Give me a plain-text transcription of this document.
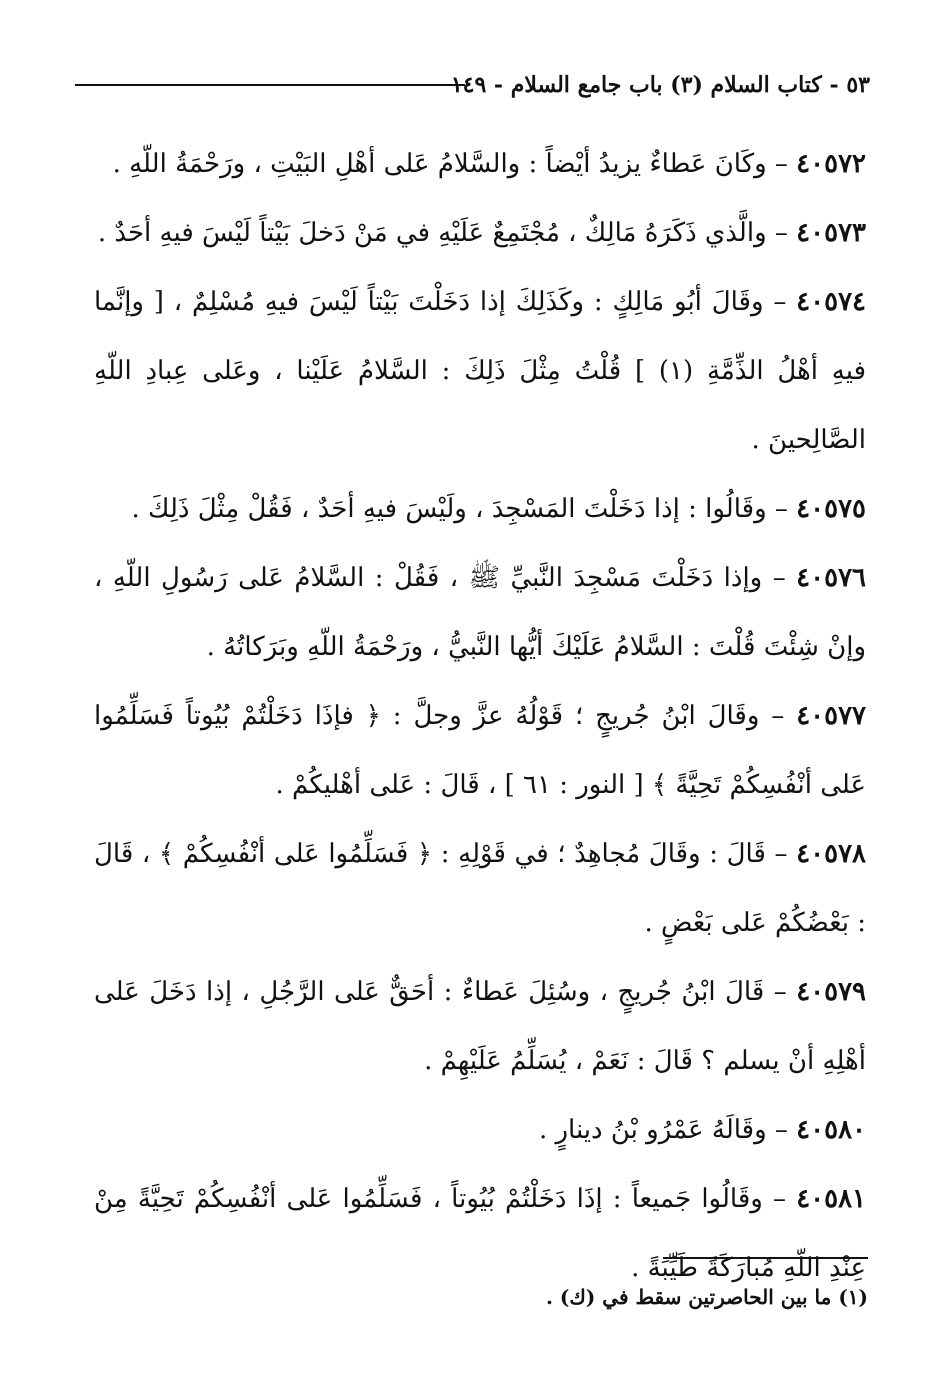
٥٣ - كتاب السلام (٣) باب جامع السلام - ١٤٩

٤٠٥٧٢ – وكَانَ عَطاءٌ يزيدُ أيْضاً : والسَّلامُ عَلى أهْلِ البَيْتِ ، ورَحْمَةُ اللّهِ .

٤٠٥٧٣ – والَّذي ذَكَرَهُ مَالِكٌ ، مُجْتَمِعٌ عَلَيْهِ في مَنْ دَخلَ بَيْتاً لَيْسَ فيهِ أحَدٌ .

٤٠٥٧٤ – وقَالَ أبُو مَالِكٍ : وكَذَلِكَ إذا دَخَلْتَ بَيْتاً لَيْسَ فيهِ مُسْلِمٌ ، [ وإنَّما فيهِ أهْلُ الذِّمَّةِ (١) ] قُلْتُ مِثْلَ ذَلِكَ : السَّلامُ عَلَيْنا ، وعَلى عِبادِ اللّهِ الصَّالِحينَ .

٤٠٥٧٥ – وقَالُوا : إذا دَخَلْتَ المَسْجِدَ ، ولَيْسَ فيهِ أحَدٌ ، فَقُلْ مِثْلَ ذَلِكَ .

٤٠٥٧٦ – وإذا دَخَلْتَ مَسْجِدَ النَّبيِّ ﷺ ، فَقُلْ : السَّلامُ عَلى رَسُولِ اللّهِ ، وإنْ شِئْتَ قُلْتَ : السَّلامُ عَلَيْكَ أيُّها النَّبيُّ ، ورَحْمَةُ اللّهِ وبَرَكاتُهُ .

٤٠٥٧٧ – وقَالَ ابْنُ جُريجٍ ؛ قَوْلُهُ عزَّ وجلَّ : ﴿ فإذَا دَخَلْتُمْ بُيُوتاً فَسَلِّمُوا عَلى أنْفُسِكُمْ تَحِيَّةً ﴾ [ النور : ٦١ ] ، قَالَ : عَلى أهْليكُمْ .

٤٠٥٧٨ – قَالَ : وقَالَ مُجاهِدٌ ؛ في قَوْلِهِ : ﴿ فَسَلِّمُوا عَلى أنْفُسِكُمْ ﴾ ، قَالَ : بَعْضُكُمْ عَلى بَعْضٍ .

٤٠٥٧٩ – قَالَ ابْنُ جُريجٍ ، وسُئِلَ عَطاءٌ : أحَقٌّ عَلى الرَّجُلِ ، إذا دَخَلَ عَلى أهْلِهِ أنْ يسلم ؟ قَالَ : نَعَمْ ، يُسَلِّمُ عَلَيْهِمْ .

٤٠٥٨٠ – وقَالَهُ عَمْرُو بْنُ دينارٍ .

٤٠٥٨١ – وقَالُوا جَميعاً : إذَا دَخَلْتُمْ بُيُوتاً ، فَسَلِّمُوا عَلى أنْفُسِكُمْ تَحِيَّةً مِنْ عِنْدِ اللّهِ مُبارَكَةً طَيِّبَةً .

(١) ما بين الحاصرتين سقط في (ك) .
